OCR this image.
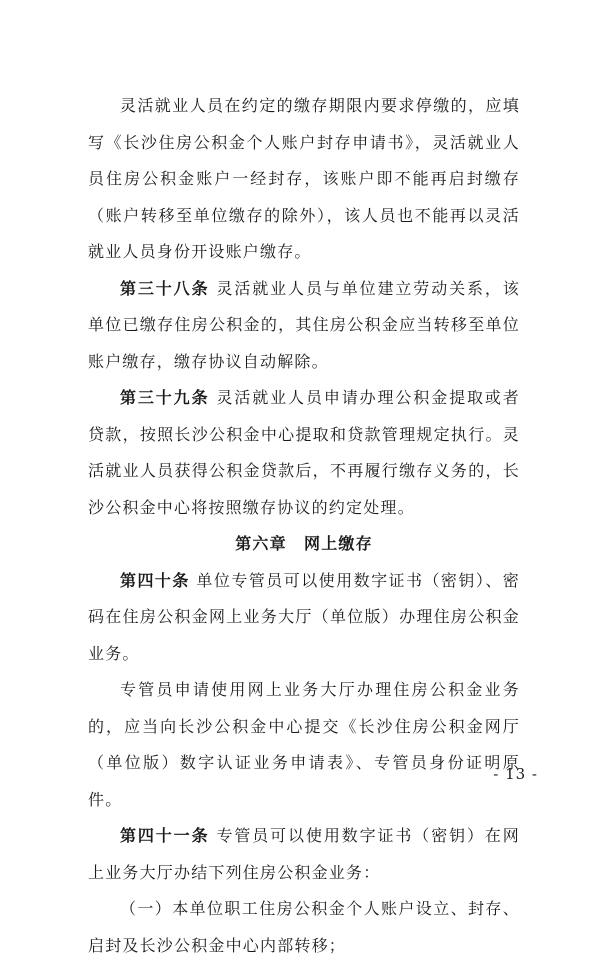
灵活就业人员在约定的缴存期限内要求停缴的，应填写《长沙住房公积金个人账户封存申请书》，灵活就业人员住房公积金账户一经封存，该账户即不能再启封缴存（账户转移至单位缴存的除外），该人员也不能再以灵活就业人员身份开设账户缴存。

第三十八条 灵活就业人员与单位建立劳动关系，该单位已缴存住房公积金的，其住房公积金应当转移至单位账户缴存，缴存协议自动解除。

第三十九条 灵活就业人员申请办理公积金提取或者贷款，按照长沙公积金中心提取和贷款管理规定执行。灵活就业人员获得公积金贷款后，不再履行缴存义务的，长沙公积金中心将按照缴存协议的约定处理。

第六章　网上缴存

第四十条 单位专管员可以使用数字证书（密钥）、密码在住房公积金网上业务大厅（单位版）办理住房公积金业务。

专管员申请使用网上业务大厅办理住房公积金业务的，应当向长沙公积金中心提交《长沙住房公积金网厅（单位版）数字认证业务申请表》、专管员身份证明原件。

第四十一条 专管员可以使用数字证书（密钥）在网上业务大厅办结下列住房公积金业务：

（一）本单位职工住房公积金个人账户设立、封存、启封及长沙公积金中心内部转移；

- 13 -
